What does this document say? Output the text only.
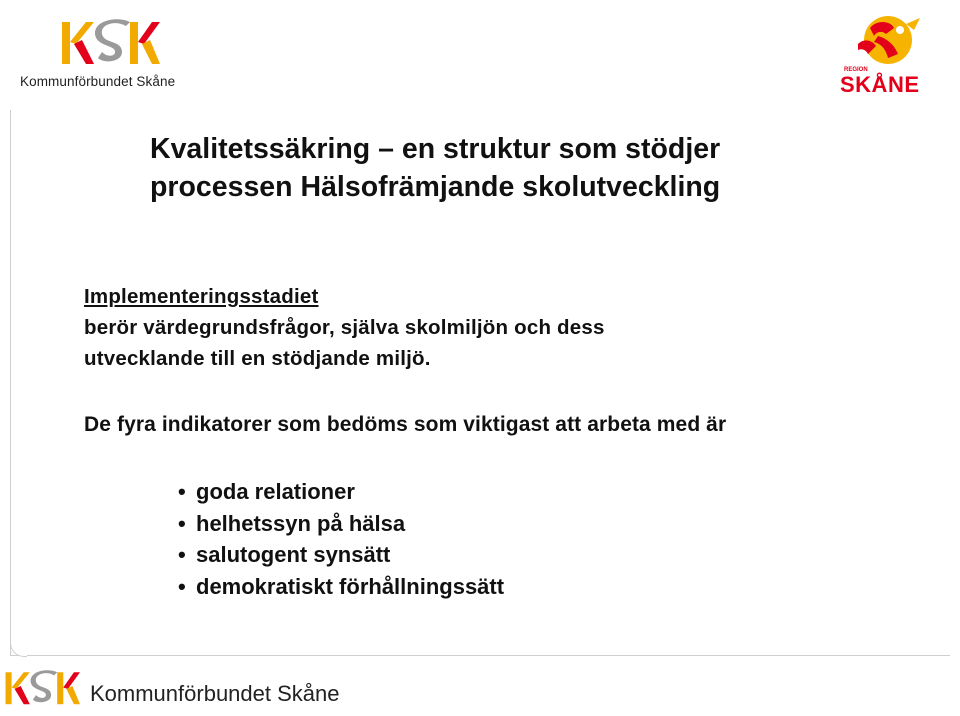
Kommunförbundet Skåne
REGION
SKÅNE
Kvalitetssäkring – en struktur som stödjer
processen Hälsofrämjande skolutveckling
Implementeringsstadiet
berör värdegrundsfrågor, själva skolmiljön och dess
utvecklande till en stödjande miljö.
De fyra indikatorer som bedöms som viktigast att arbeta med är
• goda relationer
• helhetssyn på hälsa
• salutogent synsätt
• demokratiskt förhållningssätt
Kommunförbundet Skåne
